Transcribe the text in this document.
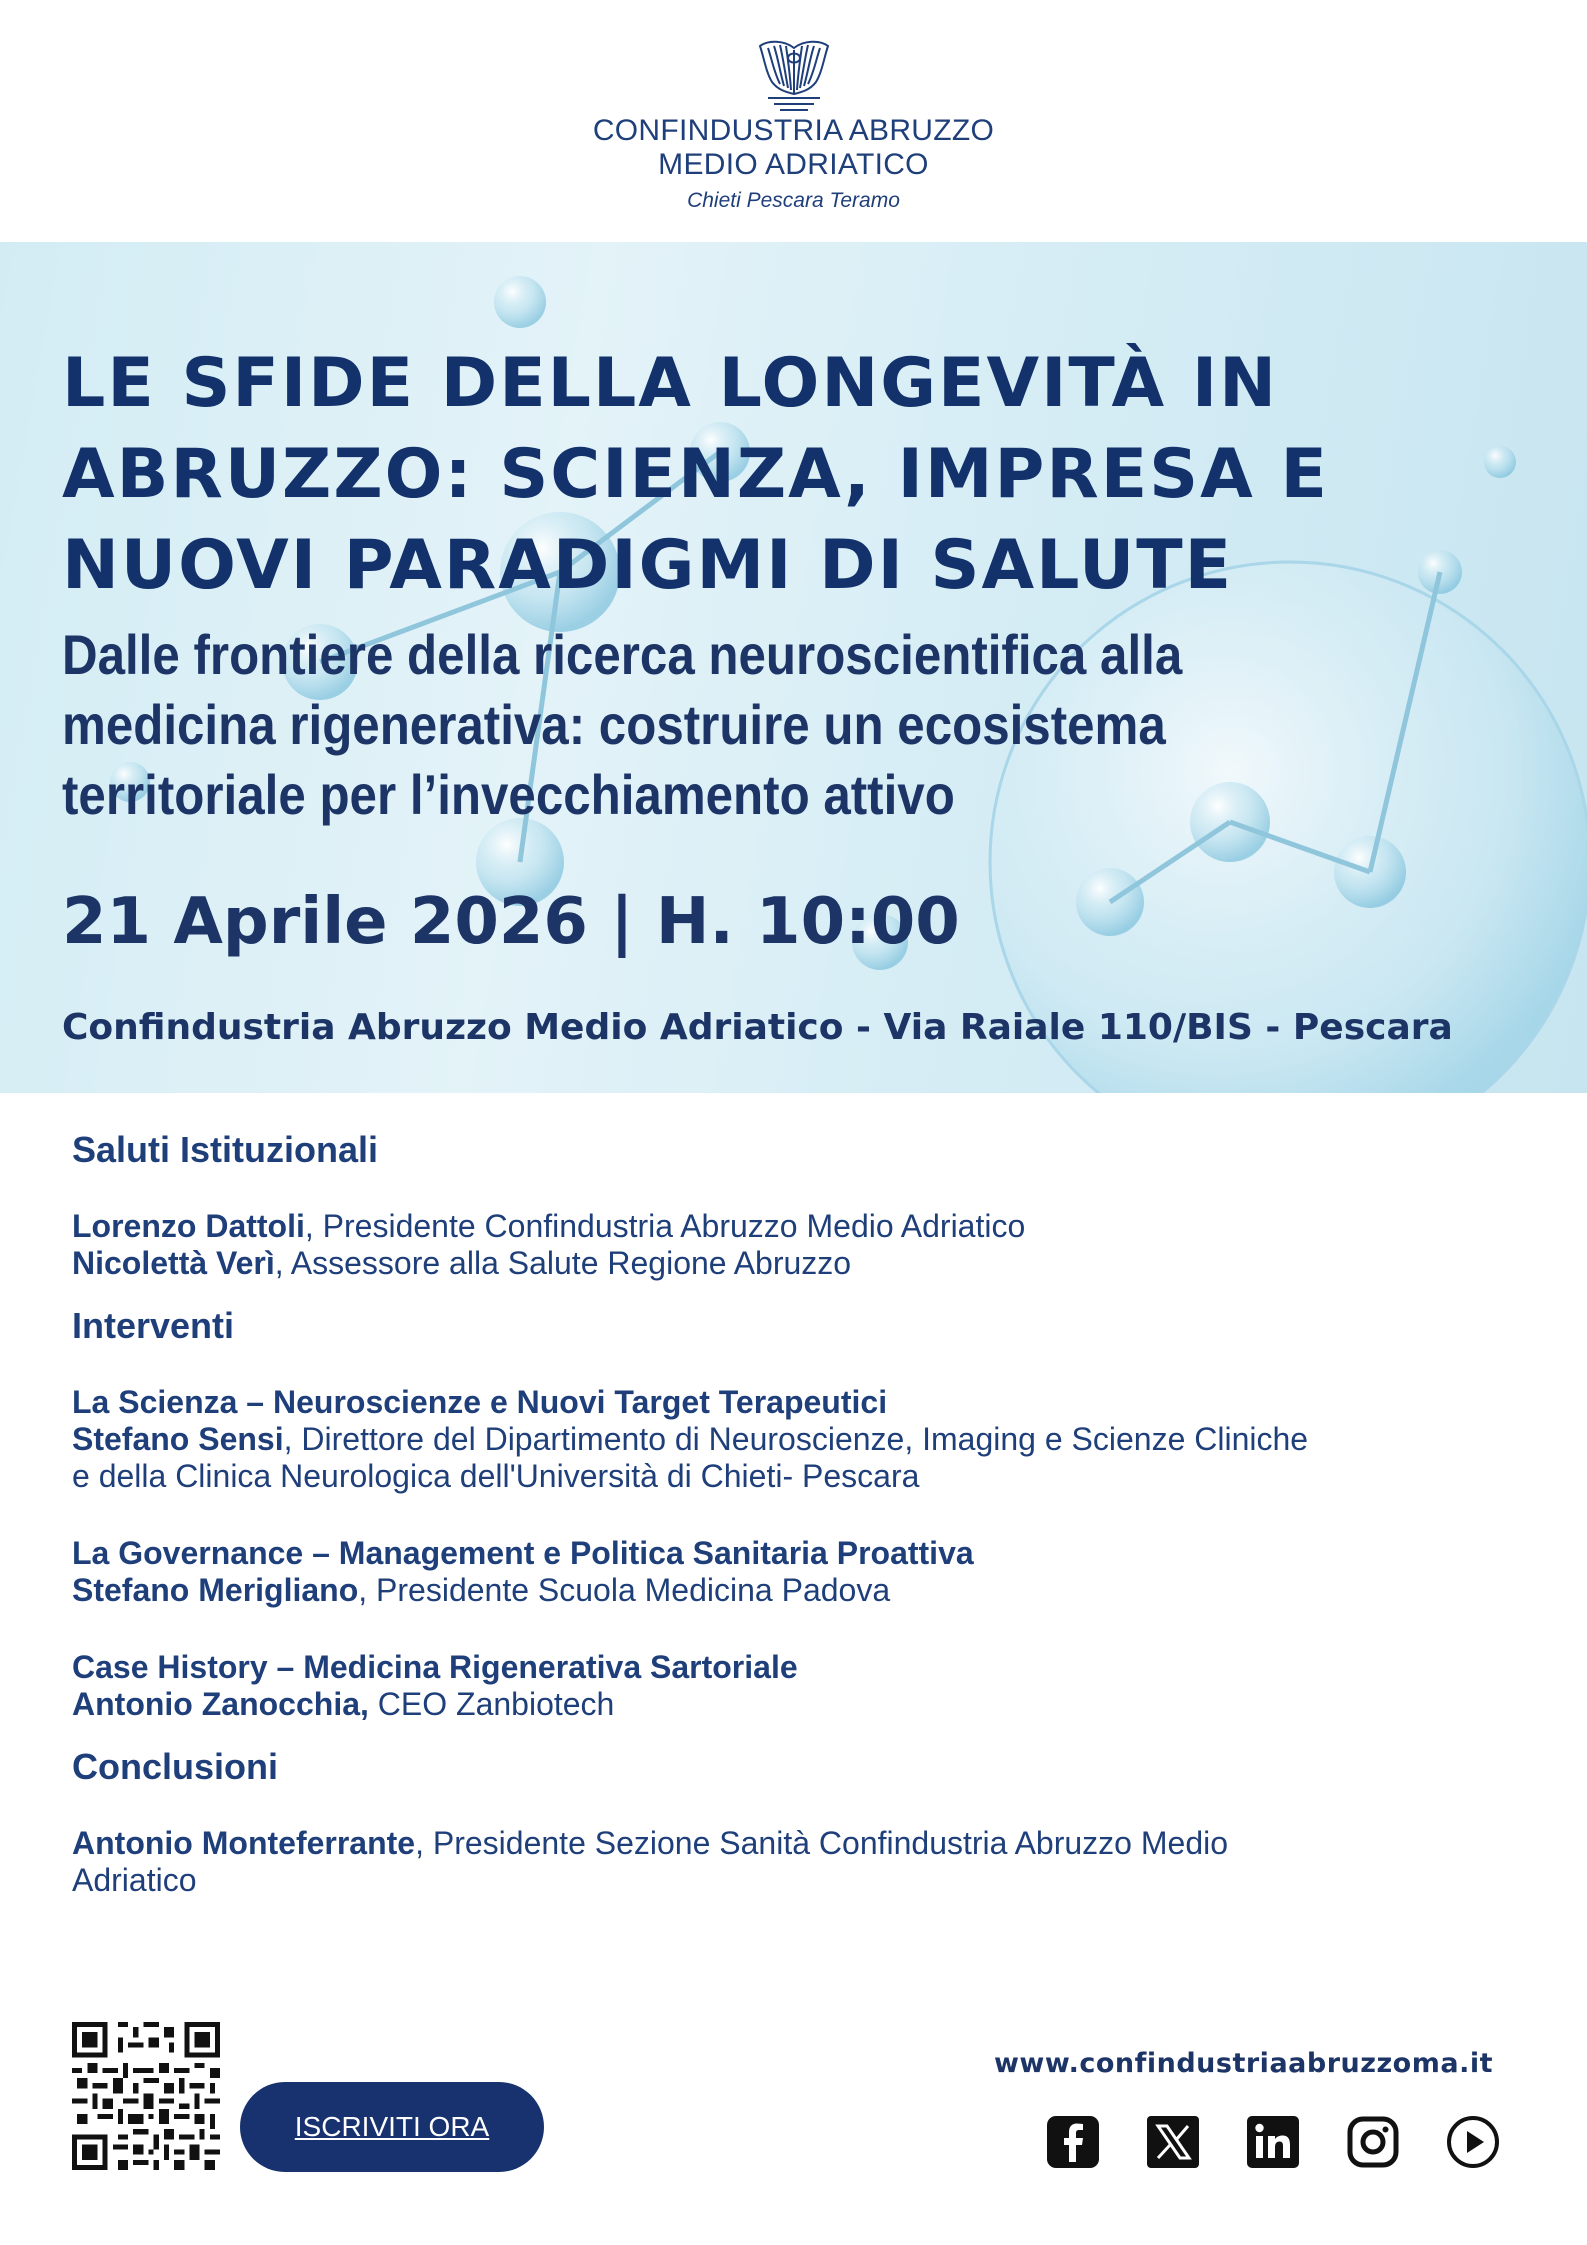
CONFINDUSTRIA ABRUZZO
MEDIO ADRIATICO
Chieti Pescara Teramo
LE SFIDE DELLA LONGEVITÀ IN
ABRUZZO: SCIENZA, IMPRESA E
NUOVI PARADIGMI DI SALUTE
Dalle frontiere della ricerca neuroscientifica alla
medicina rigenerativa: costruire un ecosistema
territoriale per l’invecchiamento attivo

21 Aprile 2026 | H. 10:00

Confindustria Abruzzo Medio Adriatico - Via Raiale 110/BIS - Pescara

Saluti Istituzionali

Lorenzo Dattoli, Presidente Confindustria Abruzzo Medio Adriatico

Nicolettà Verì, Assessore alla Salute Regione Abruzzo

Interventi

La Scienza – Neuroscienze e Nuovi Target Terapeutici

Stefano Sensi, Direttore del Dipartimento di Neuroscienze, Imaging e Scienze Cliniche

e della Clinica Neurologica dell'Università di Chieti- Pescara

La Governance – Management e Politica Sanitaria Proattiva

Stefano Merigliano, Presidente Scuola Medicina Padova

Case History – Medicina Rigenerativa Sartoriale

Antonio Zanocchia, CEO Zanbiotech

Conclusioni

Antonio Monteferrante, Presidente Sezione Sanità Confindustria Abruzzo Medio

Adriatico

ISCRIVITI ORA
www.confindustriaabruzzoma.it
